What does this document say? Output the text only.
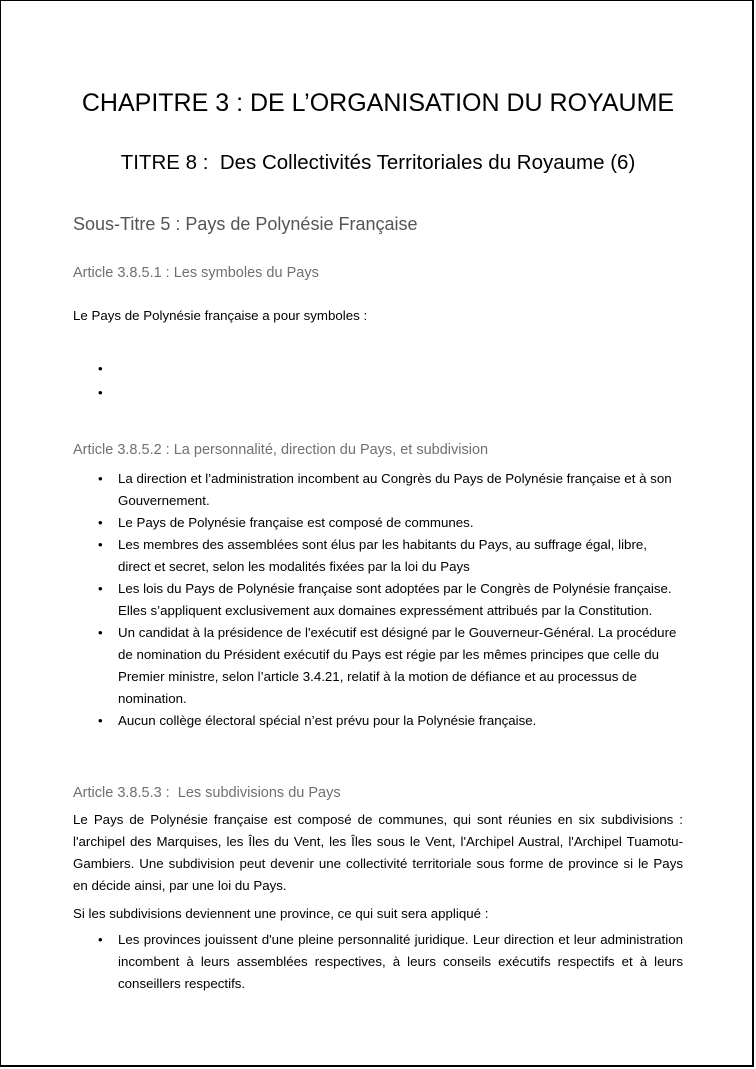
CHAPITRE 3 : DE L’ORGANISATION DU ROYAUME
TITRE 8 :  Des Collectivités Territoriales du Royaume (6)
Sous-Titre 5 : Pays de Polynésie Française
Article 3.8.5.1 : Les symboles du Pays

Le Pays de Polynésie française a pour symboles :

•
•
Article 3.8.5.2 : La personnalité, direction du Pays, et subdivision
• La direction et l’administration incombent au Congrès du Pays de Polynésie française et à son Gouvernement.
• Le Pays de Polynésie française est composé de communes.
• Les membres des assemblées sont élus par les habitants du Pays, au suffrage égal, libre, direct et secret, selon les modalités fixées par la loi du Pays
• Les lois du Pays de Polynésie française sont adoptées par le Congrès de Polynésie française. Elles s’appliquent exclusivement aux domaines expressément attribués par la Constitution.
• Un candidat à la présidence de l'exécutif est désigné par le Gouverneur-Général. La procédure de nomination du Président exécutif du Pays est régie par les mêmes principes que celle du Premier ministre, selon l’article 3.4.21, relatif à la motion de défiance et au processus de nomination.
• Aucun collège électoral spécial n’est prévu pour la Polynésie française.
Article 3.8.5.3 :  Les subdivisions du Pays

Le Pays de Polynésie française est composé de communes, qui sont réunies en six subdivisions : l'archipel des Marquises, les Îles du Vent, les Îles sous le Vent, l'Archipel Austral, l'Archipel Tuamotu-Gambiers. Une subdivision peut devenir une collectivité territoriale sous forme de province si le Pays en décide ainsi, par une loi du Pays.

Si les subdivisions deviennent une province, ce qui suit sera appliqué :

• Les provinces jouissent d'une pleine personnalité juridique. Leur direction et leur administration incombent à leurs assemblées respectives, à leurs conseils exécutifs respectifs et à leurs conseillers respectifs.
